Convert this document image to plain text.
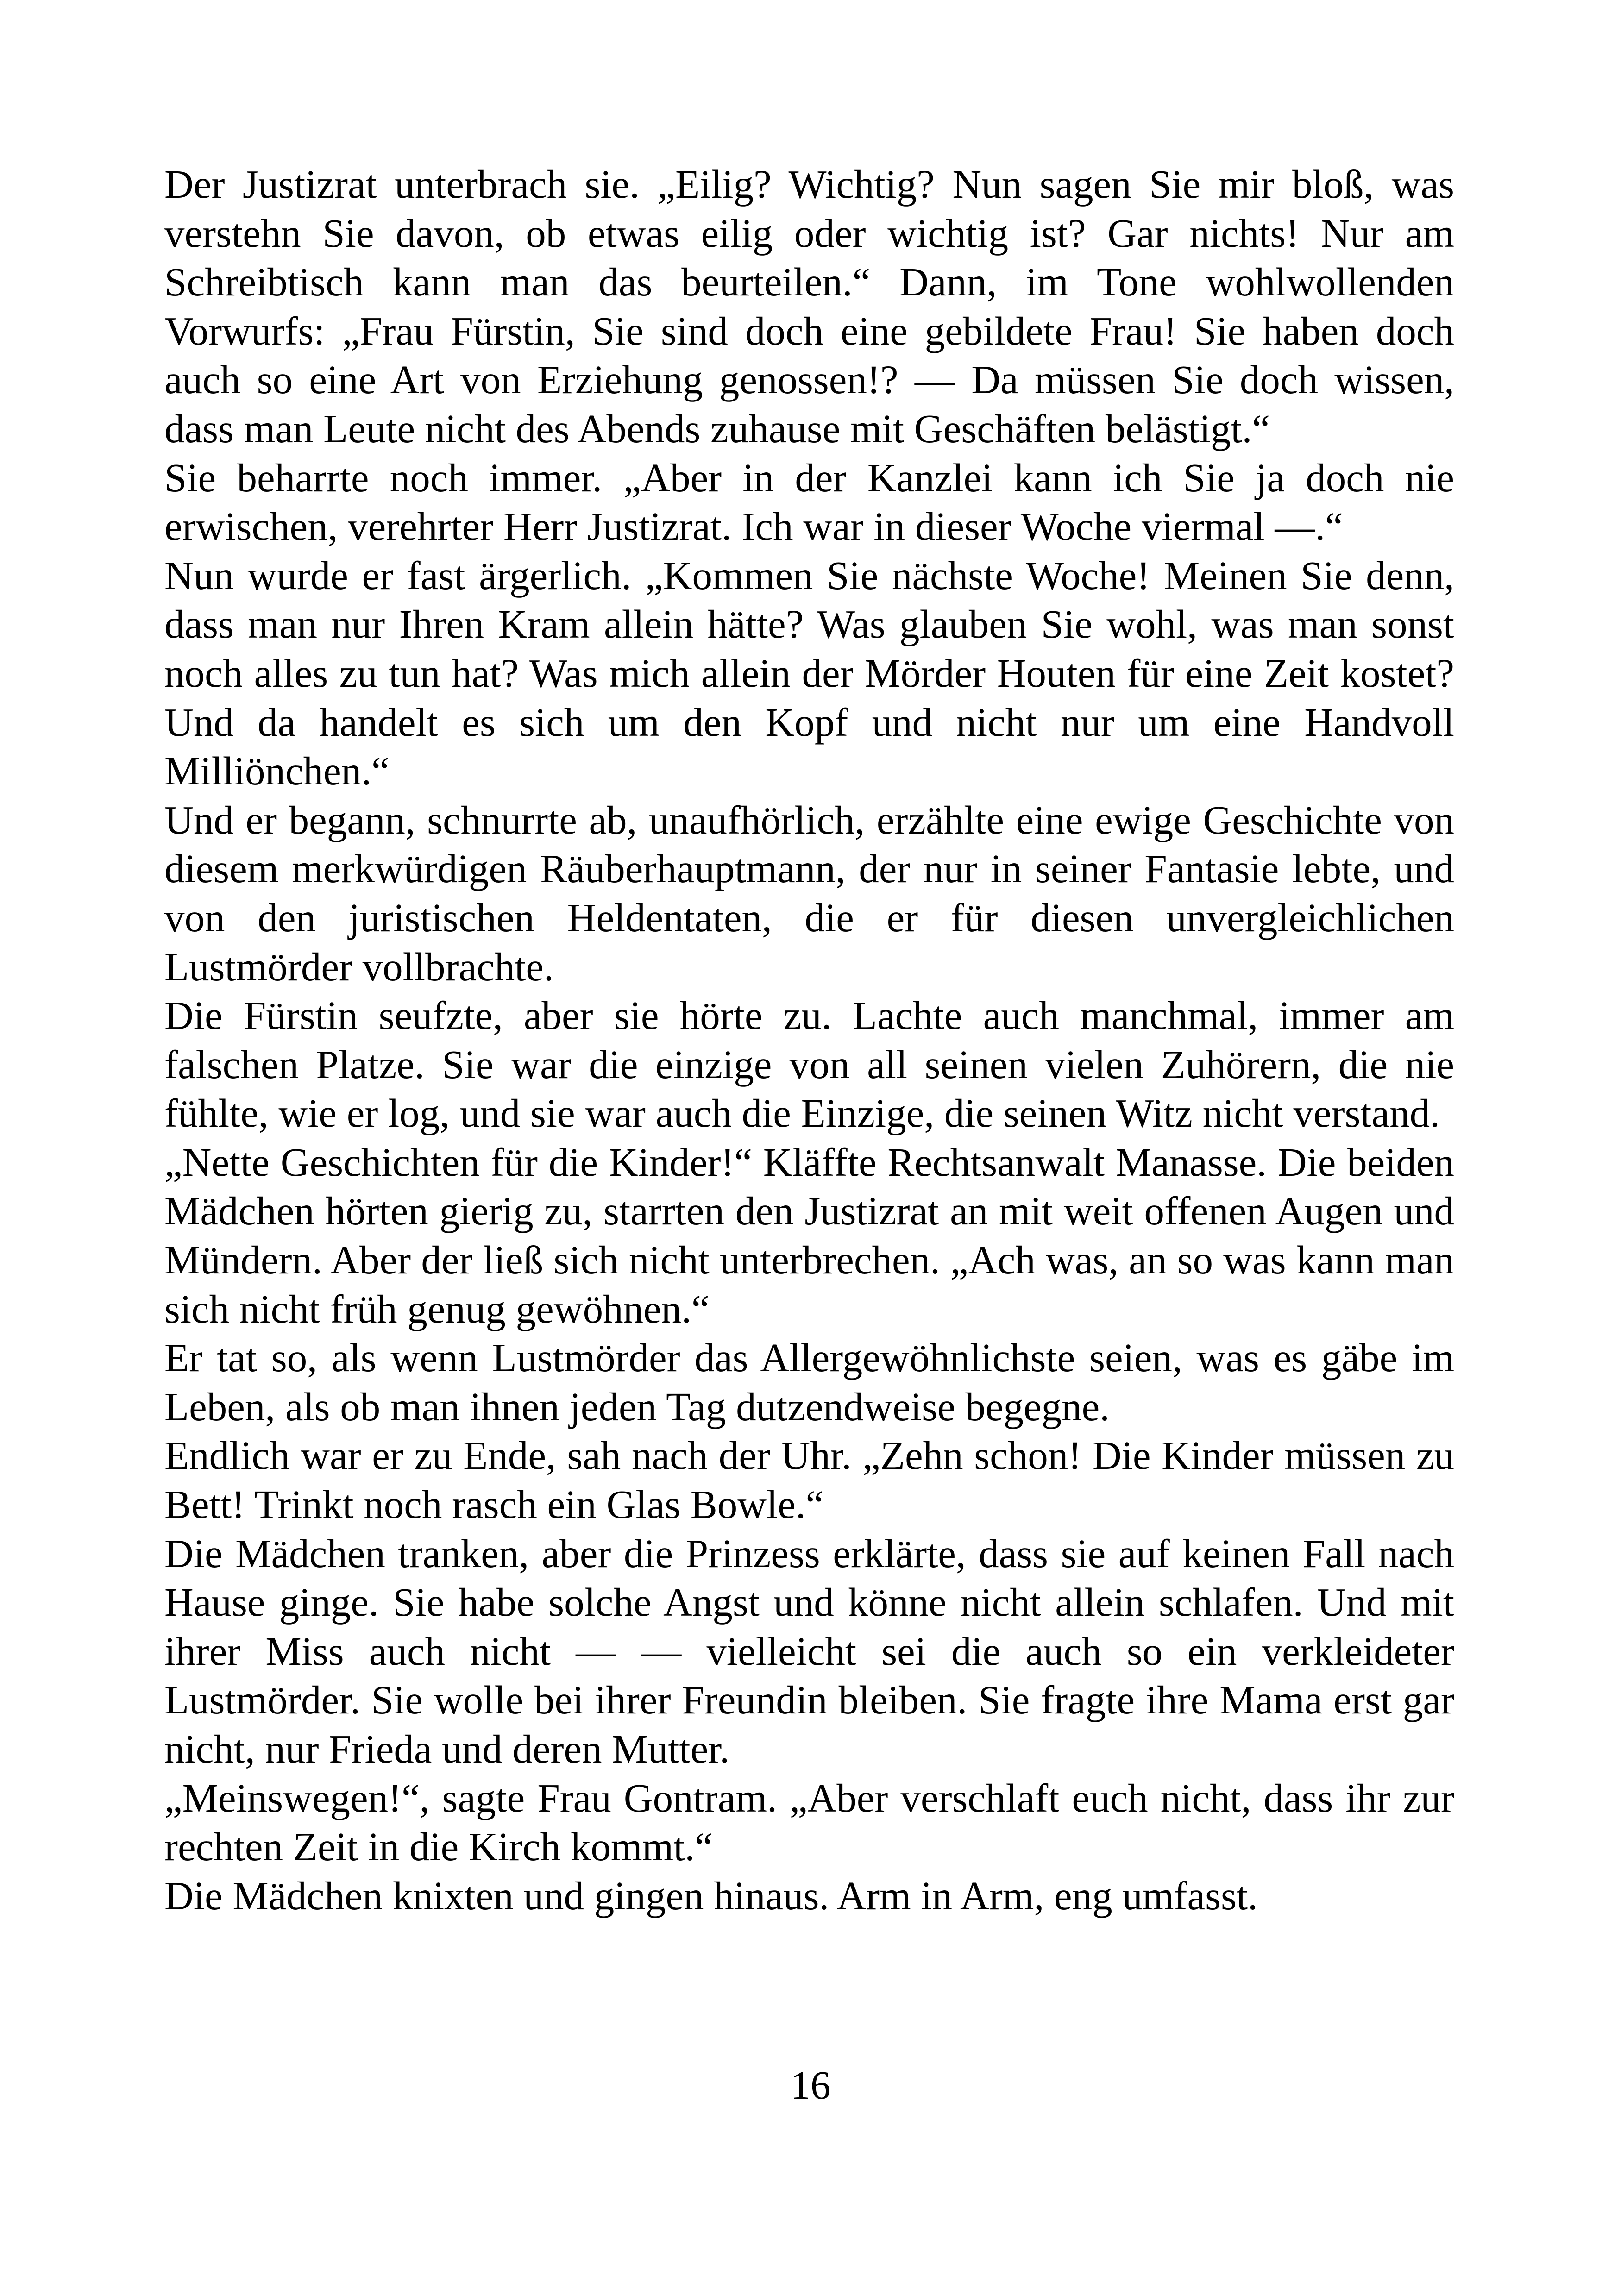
Der Justizrat unterbrach sie. „Eilig? Wichtig? Nun sagen Sie mir bloß, was verstehn Sie davon, ob etwas eilig oder wichtig ist? Gar nichts! Nur am Schreibtisch kann man das beurteilen.“ Dann, im Tone wohlwollenden Vorwurfs: „Frau Fürstin, Sie sind doch eine gebildete Frau! Sie haben doch auch so eine Art von Erziehung genossen!? — Da müssen Sie doch wissen, dass man Leute nicht des Abends zuhause mit Geschäften belästigt.“

Sie beharrte noch immer. „Aber in der Kanzlei kann ich Sie ja doch nie erwischen, verehrter Herr Justizrat. Ich war in dieser Woche viermal —.“

Nun wurde er fast ärgerlich. „Kommen Sie nächste Woche! Meinen Sie denn, dass man nur Ihren Kram allein hätte? Was glauben Sie wohl, was man sonst noch alles zu tun hat? Was mich allein der Mörder Houten für eine Zeit kostet? Und da handelt es sich um den Kopf und nicht nur um eine Handvoll Milliönchen.“

Und er begann, schnurrte ab, unaufhörlich, erzählte eine ewige Geschichte von diesem merkwürdigen Räuberhauptmann, der nur in seiner Fantasie lebte, und von den juristischen Heldentaten, die er für diesen unvergleichlichen Lustmörder vollbrachte.

Die Fürstin seufzte, aber sie hörte zu. Lachte auch manchmal, immer am falschen Platze. Sie war die einzige von all seinen vielen Zuhörern, die nie fühlte, wie er log, und sie war auch die Einzige, die seinen Witz nicht verstand.

„Nette Geschichten für die Kinder!“ Kläffte Rechtsanwalt Manasse. Die beiden Mädchen hörten gierig zu, starrten den Justizrat an mit weit offenen Augen und Mündern. Aber der ließ sich nicht unterbrechen. „Ach was, an so was kann man sich nicht früh genug gewöhnen.“

Er tat so, als wenn Lustmörder das Allergewöhnlichste seien, was es gäbe im Leben, als ob man ihnen jeden Tag dutzendweise begegne.

Endlich war er zu Ende, sah nach der Uhr. „Zehn schon! Die Kinder müssen zu Bett! Trinkt noch rasch ein Glas Bowle.“

Die Mädchen tranken, aber die Prinzess erklärte, dass sie auf keinen Fall nach Hause ginge. Sie habe solche Angst und könne nicht allein schlafen. Und mit ihrer Miss auch nicht — — vielleicht sei die auch so ein verkleideter Lustmörder. Sie wolle bei ihrer Freundin bleiben. Sie fragte ihre Mama erst gar nicht, nur Frieda und deren Mutter.

„Meinswegen!“, sagte Frau Gontram. „Aber verschlaft euch nicht, dass ihr zur rechten Zeit in die Kirch kommt.“

Die Mädchen knixten und gingen hinaus. Arm in Arm, eng umfasst.

16
